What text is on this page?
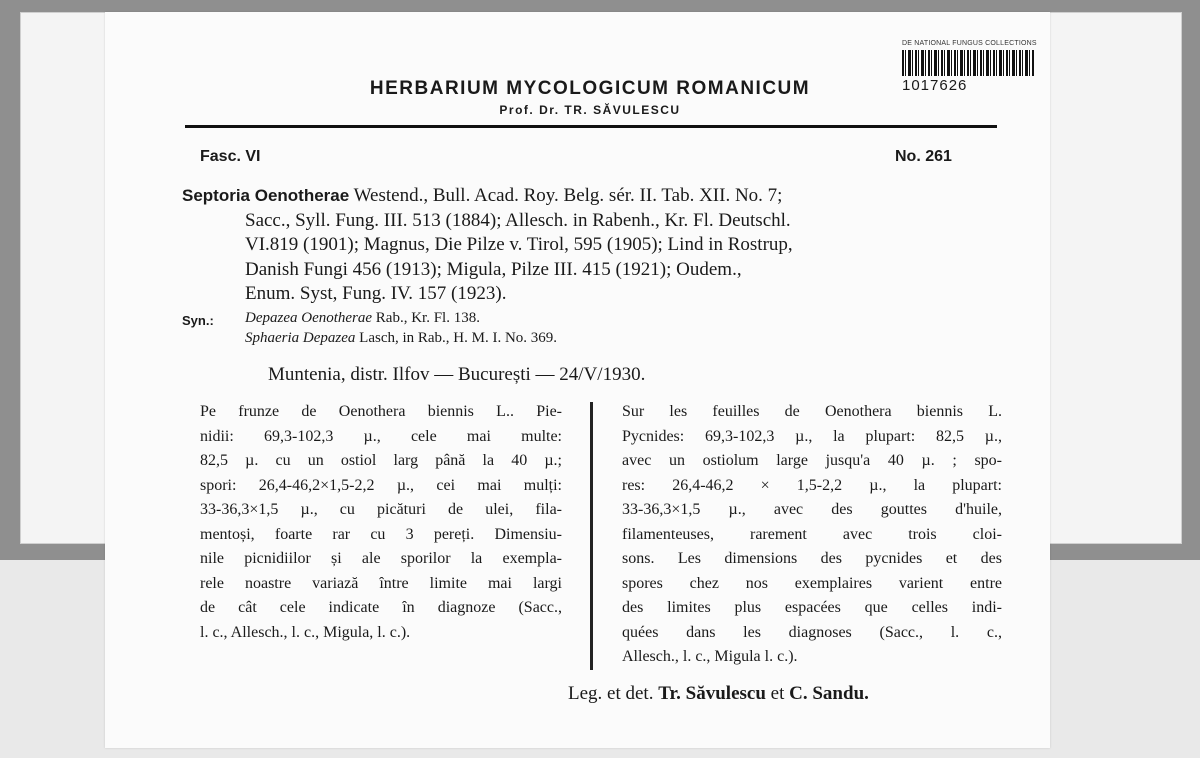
DE NATIONAL FUNGUS COLLECTIONS
1017626
HERBARIUM MYCOLOGICUM ROMANICUM
Prof. Dr. TR. SĂVULESCU
Fasc. VI	No. 261
Septoria Oenotherae Westend., Bull. Acad. Roy. Belg. sér. II. Tab. XII. No. 7;
Sacc., Syll. Fung. III. 513 (1884); Allesch. in Rabenh., Kr. Fl. Deutschl.
VI.819 (1901); Magnus, Die Pilze v. Tirol, 595 (1905); Lind in Rostrup,
Danish Fungi 456 (1913); Migula, Pilze III. 415 (1921); Oudem.,
Enum. Syst, Fung. IV. 157 (1923).
Syn.: Depazea Oenotherae Rab., Kr. Fl. 138.
Sphaeria Depazea Lasch, in Rab., H. M. I. No. 369.
Muntenia, distr. Ilfov — București — 24/V/1930.
Pe frunze de Oenothera biennis L.. Pie-
nidii: 69,3-102,3 µ., cele mai multe:
82,5 µ. cu un ostiol larg până la 40 µ.;
spori: 26,4-46,2×1,5-2,2 µ., cei mai mulți:
33-36,3×1,5 µ., cu picături de ulei, fila-
mentoși, foarte rar cu 3 pereți. Dimensiu-
nile picnidiilor și ale sporilor la exempla-
rele noastre variază între limite mai largi
de cât cele indicate în diagnoze (Sacc.,
l. c., Allesch., l. c., Migula, l. c.).
Sur les feuilles de Oenothera biennis L.
Pycnides: 69,3-102,3 µ., la plupart: 82,5 µ.,
avec un ostiolum large jusqu'a 40 µ. ; spo-
res: 26,4-46,2 × 1,5-2,2 µ., la plupart:
33-36,3×1,5 µ., avec des gouttes d'huile,
filamenteuses, rarement avec trois cloi-
sons. Les dimensions des pycnides et des
spores chez nos exemplaires varient entre
des limites plus espacées que celles indi-
quées dans les diagnoses (Sacc., l. c.,
Allesch., l. c., Migula l. c.).
Leg. et det. Tr. Săvulescu et C. Sandu.
